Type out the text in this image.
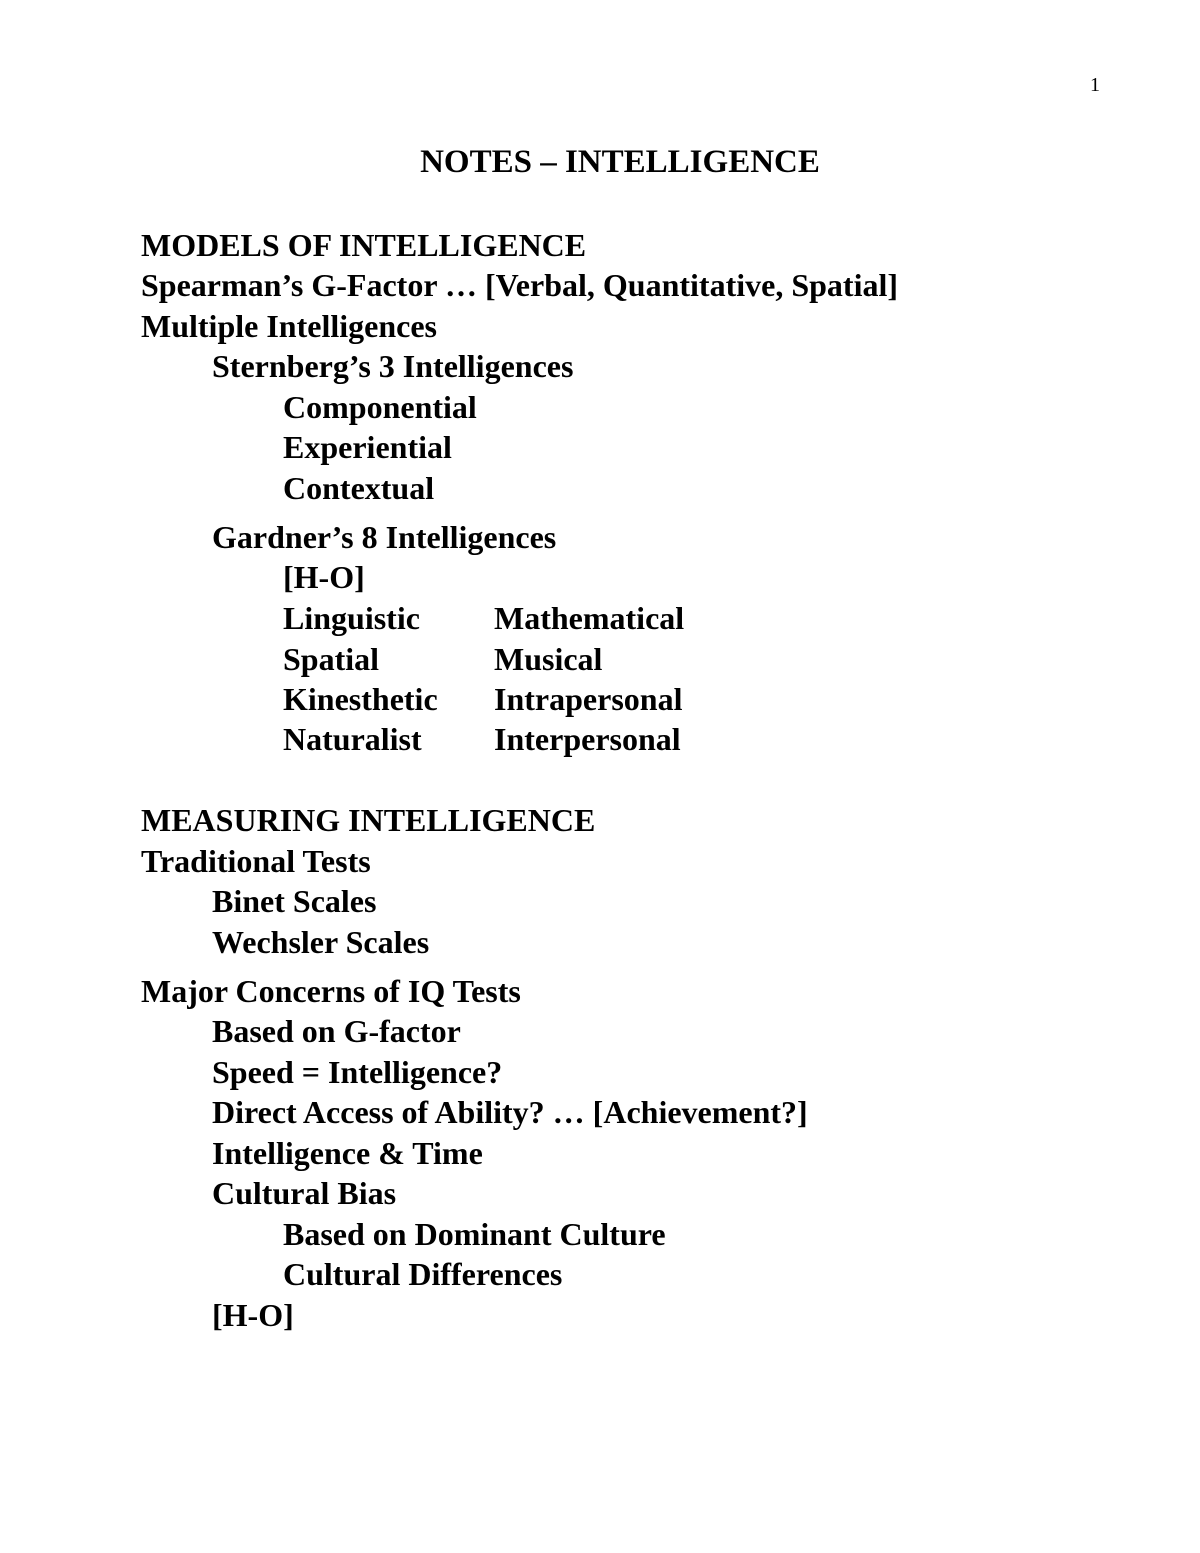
1
NOTES – INTELLIGENCE
MODELS OF INTELLIGENCE
Spearman’s G-Factor … [Verbal, Quantitative, Spatial]
Multiple Intelligences
Sternberg’s 3 Intelligences
Componential
Experiential
Contextual
Gardner’s 8 Intelligences
[H-O]
Linguistic Mathematical
Spatial	Musical
Kinesthetic Intrapersonal
Naturalist Interpersonal
MEASURING INTELLIGENCE
Traditional Tests
Binet Scales
Wechsler Scales
Major Concerns of IQ Tests
Based on G-factor
Speed = Intelligence?
Direct Access of Ability? … [Achievement?]
Intelligence & Time
Cultural Bias
Based on Dominant Culture
Cultural Differences
[H-O]
